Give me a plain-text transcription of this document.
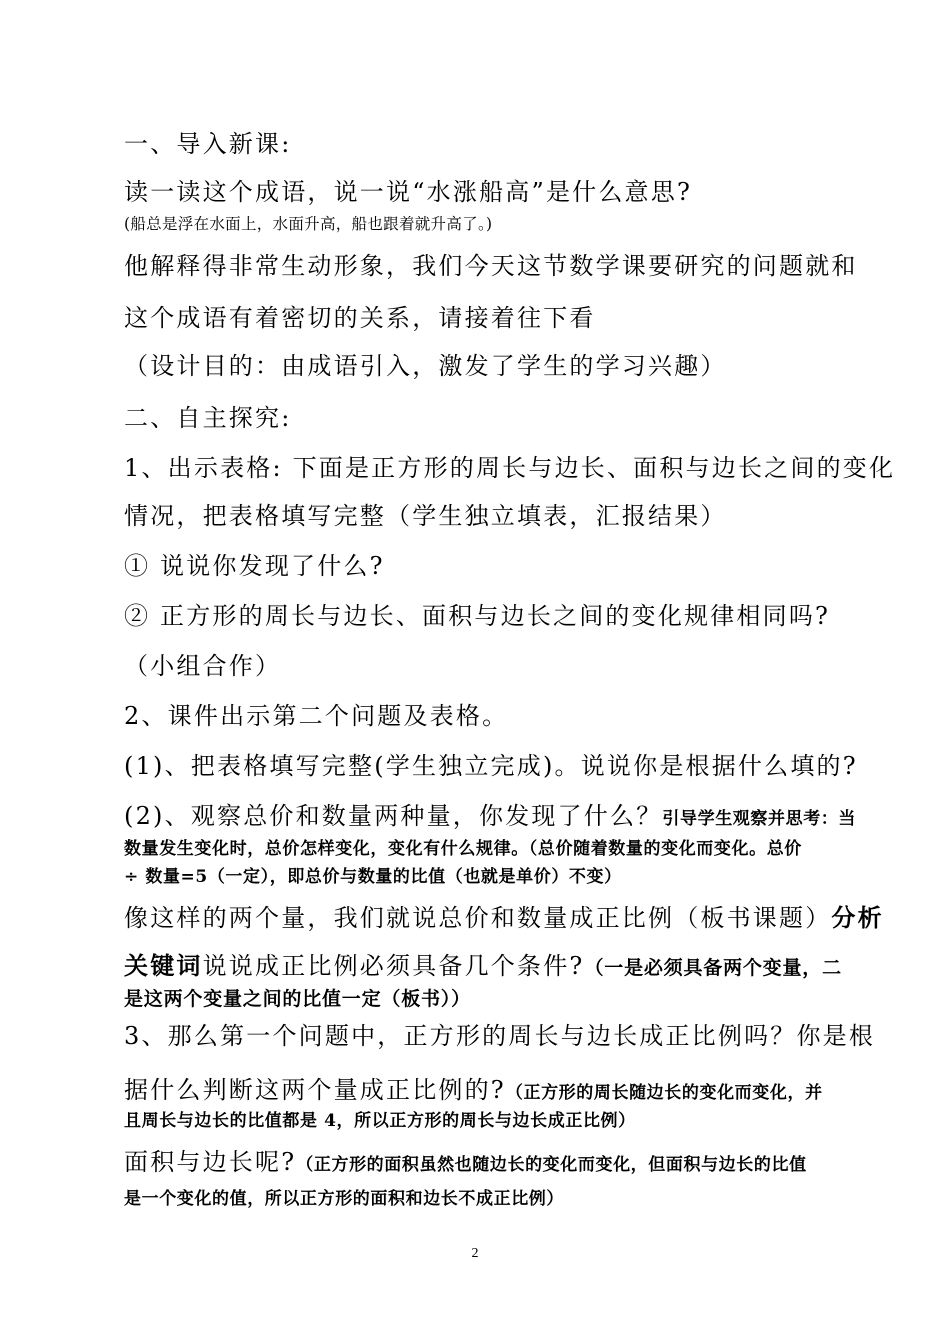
一、导入新课:
读一读这个成语，说一说“水涨船高”是什么意思?
(船总是浮在水面上，水面升高，船也跟着就升高了。)
他解释得非常生动形象，我们今天这节数学课要研究的问题就和
这个成语有着密切的关系，请接着往下看
（设计目的：由成语引入，激发了学生的学习兴趣）
二、自主探究:
1、出示表格: 下面是正方形的周长与边长、面积与边长之间的变化
情况，把表格填写完整（学生独立填表，汇报结果）
① 说说你发现了什么?
② 正方形的周长与边长、面积与边长之间的变化规律相同吗?
（小组合作）
2、课件出示第二个问题及表格。
(1)、把表格填写完整(学生独立完成)。说说你是根据什么填的?
(2)、观察总价和数量两种量，你发现了什么？引导学生观察并思考：当
数量发生变化时，总价怎样变化，变化有什么规律。（总价随着数量的变化而变化。总价
÷ 数量=5（一定），即总价与数量的比值（也就是单价）不变）
像这样的两个量，我们就说总价和数量成正比例（板书课题）分析
关键词说说成正比例必须具备几个条件?（一是必须具备两个变量，二
是这两个变量之间的比值一定（板书））
3、那么第一个问题中，正方形的周长与边长成正比例吗？你是根
据什么判断这两个量成正比例的?（正方形的周长随边长的变化而变化，并
且周长与边长的比值都是 4，所以正方形的周长与边长成正比例）
面积与边长呢?（正方形的面积虽然也随边长的变化而变化，但面积与边长的比值
是一个变化的值，所以正方形的面积和边长不成正比例）
2
